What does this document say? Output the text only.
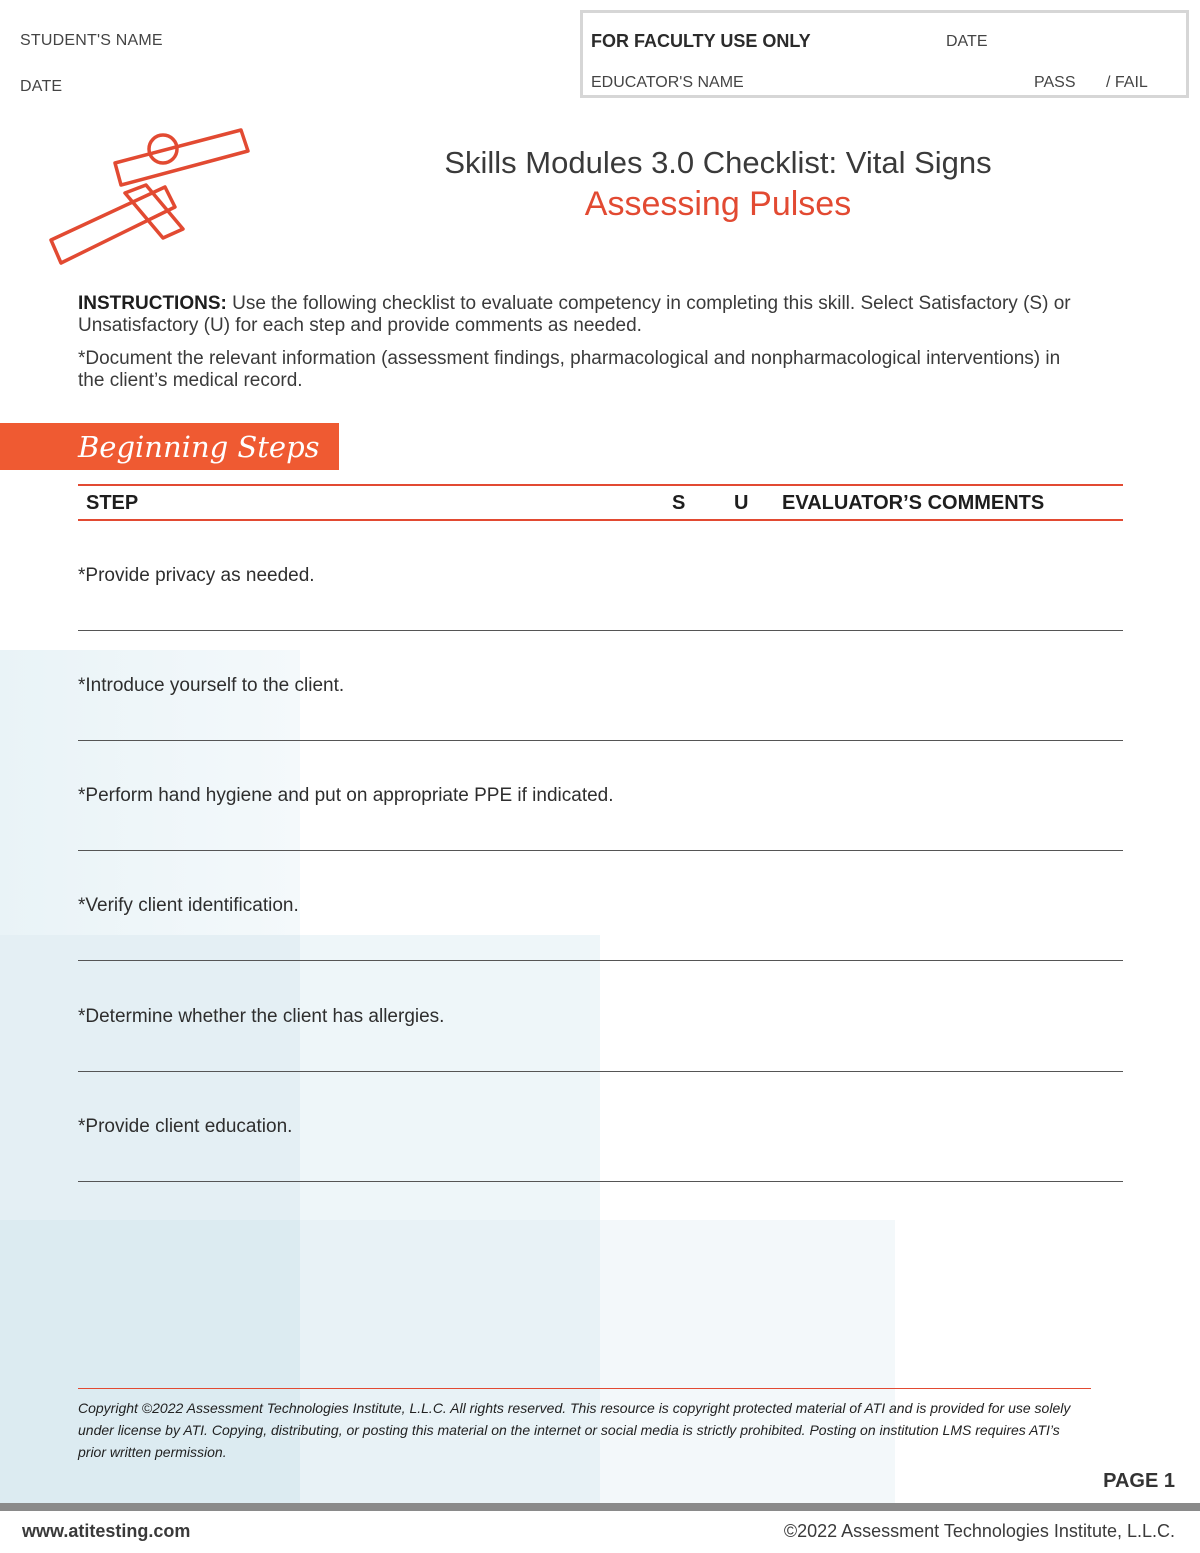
STUDENT'S NAME
DATE
FOR FACULTY USE ONLY	DATE
EDUCATOR'S NAME	PASS / FAIL
Skills Modules 3.0 Checklist: Vital Signs
Assessing Pulses
INSTRUCTIONS: Use the following checklist to evaluate competency in completing this skill. Select Satisfactory (S) or Unsatisfactory (U) for each step and provide comments as needed.
*Document the relevant information (assessment findings, pharmacological and nonpharmacological interventions) in the client’s medical record.
Beginning Steps
STEP	S U EVALUATOR’S COMMENTS
*Provide privacy as needed.
*Introduce yourself to the client.
*Perform hand hygiene and put on appropriate PPE if indicated.
*Verify client identification.
*Determine whether the client has allergies.
*Provide client education.
Copyright ©2022 Assessment Technologies Institute, L.L.C. All rights reserved. This resource is copyright protected material of ATI and is provided for use solely under license by ATI. Copying, distributing, or posting this material on the internet or social media is strictly prohibited. Posting on institution LMS requires ATI’s prior written permission.
PAGE 1
www.atitesting.com	©2022 Assessment Technologies Institute, L.L.C.
